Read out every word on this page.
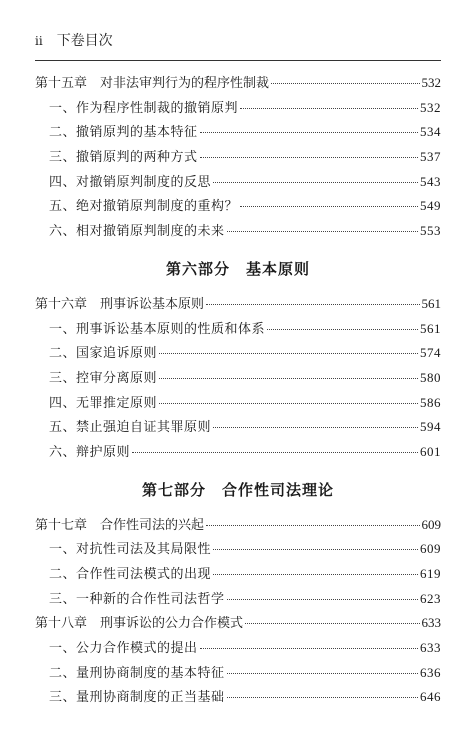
ii 下卷目次
第十五章　对非法审判行为的程序性制裁	532
一、作为程序性制裁的撤销原判	532
二、撤销原判的基本特征	534
三、撤销原判的两种方式	537
四、对撤销原判制度的反思	543
五、绝对撤销原判制度的重构？	549
六、相对撤销原判制度的未来	553
第六部分　基本原则
第十六章　刑事诉讼基本原则	561
一、刑事诉讼基本原则的性质和体系	561
二、国家追诉原则	574
三、控审分离原则	580
四、无罪推定原则	586
五、禁止强迫自证其罪原则	594
六、辩护原则	601
第七部分　合作性司法理论
第十七章　合作性司法的兴起	609
一、对抗性司法及其局限性	609
二、合作性司法模式的出现	619
三、一种新的合作性司法哲学	623
第十八章　刑事诉讼的公力合作模式	633
一、公力合作模式的提出	633
二、量刑协商制度的基本特征	636
三、量刑协商制度的正当基础	646
